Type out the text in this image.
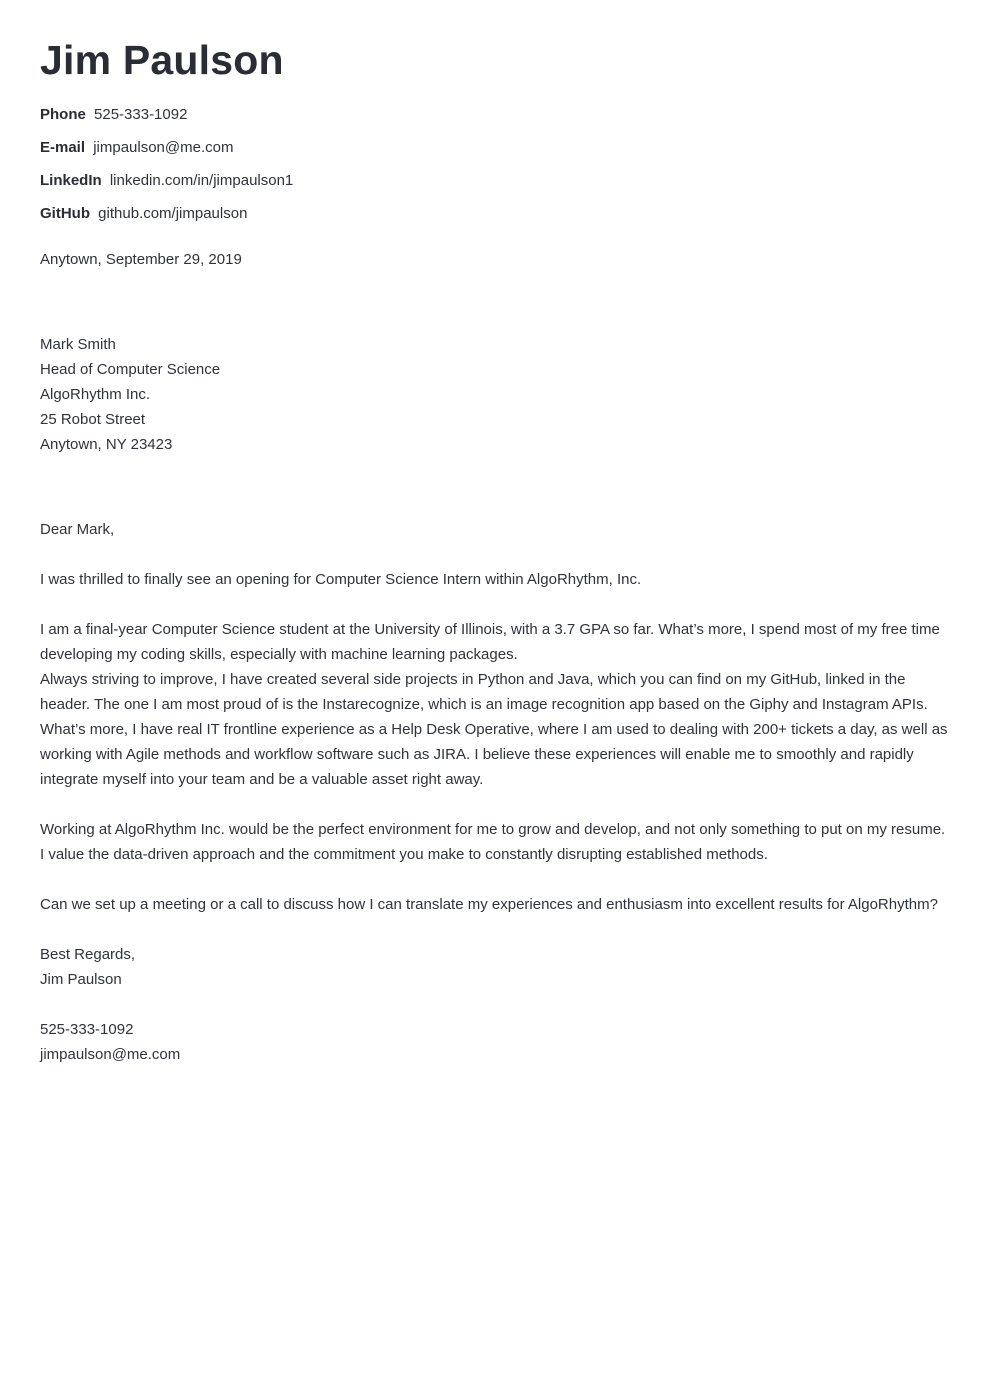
Jim Paulson
Phone 525-333-1092
E-mail jimpaulson@me.com
LinkedIn linkedin.com/in/jimpaulson1
GitHub github.com/jimpaulson
Anytown, September 29, 2019
Mark Smith
Head of Computer Science
AlgoRhythm Inc.
25 Robot Street
Anytown, NY 23423

Dear Mark,

I was thrilled to finally see an opening for Computer Science Intern within AlgoRhythm, Inc.

I am a final-year Computer Science student at the University of Illinois, with a 3.7 GPA so far. What’s more, I spend most of my free time developing my coding skills, especially with machine learning packages.

Always striving to improve, I have created several side projects in Python and Java, which you can find on my GitHub, linked in the header. The one I am most proud of is the Instarecognize, which is an image recognition app based on the Giphy and Instagram APIs. What’s more, I have real IT frontline experience as a Help Desk Operative, where I am used to dealing with 200+ tickets a day, as well as working with Agile methods and workflow software such as JIRA. I believe these experiences will enable me to smoothly and rapidly integrate myself into your team and be a valuable asset right away.

Working at AlgoRhythm Inc. would be the perfect environment for me to grow and develop, and not only something to put on my resume. I value the data-driven approach and the commitment you make to constantly disrupting established methods.

Can we set up a meeting or a call to discuss how I can translate my experiences and enthusiasm into excellent results for AlgoRhythm?

Best Regards,
Jim Paulson
525-333-1092
jimpaulson@me.com
